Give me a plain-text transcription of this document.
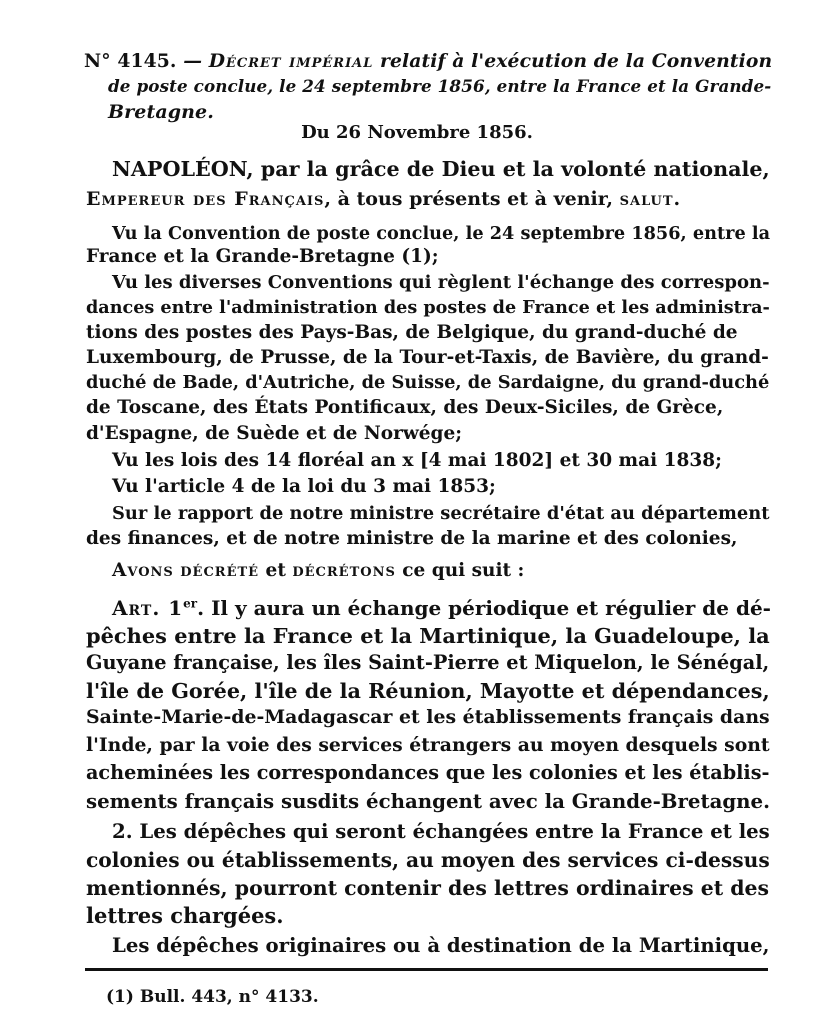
N° 4145. — Décret impérial relatif à l'exécution de la Convention
de poste conclue, le 24 septembre 1856, entre la France et la Grande-
Bretagne.
Du 26 Novembre 1856.
NAPOLÉON, par la grâce de Dieu et la volonté nationale,
Empereur des Français, à tous présents et à venir, salut.
Vu la Convention de poste conclue, le 24 septembre 1856, entre la
France et la Grande-Bretagne (1);
Vu les diverses Conventions qui règlent l'échange des correspon-
dances entre l'administration des postes de France et les administra-
tions des postes des Pays-Bas, de Belgique, du grand-duché de
Luxembourg, de Prusse, de la Tour-et-Taxis, de Bavière, du grand-
duché de Bade, d'Autriche, de Suisse, de Sardaigne, du grand-duché
de Toscane, des États Pontificaux, des Deux-Siciles, de Grèce,
d'Espagne, de Suède et de Norwége;
Vu les lois des 14 floréal an x [4 mai 1802] et 30 mai 1838;
Vu l'article 4 de la loi du 3 mai 1853;
Sur le rapport de notre ministre secrétaire d'état au département
des finances, et de notre ministre de la marine et des colonies,
Avons décrété et décrétons ce qui suit :
Art. 1er. Il y aura un échange périodique et régulier de dé-
pêches entre la France et la Martinique, la Guadeloupe, la
Guyane française, les îles Saint-Pierre et Miquelon, le Sénégal,
l'île de Gorée, l'île de la Réunion, Mayotte et dépendances,
Sainte-Marie-de-Madagascar et les établissements français dans
l'Inde, par la voie des services étrangers au moyen desquels sont
acheminées les correspondances que les colonies et les établis-
sements français susdits échangent avec la Grande-Bretagne.
2. Les dépêches qui seront échangées entre la France et les
colonies ou établissements, au moyen des services ci-dessus
mentionnés, pourront contenir des lettres ordinaires et des
lettres chargées.
Les dépêches originaires ou à destination de la Martinique,
(1) Bull. 443, n° 4133.
